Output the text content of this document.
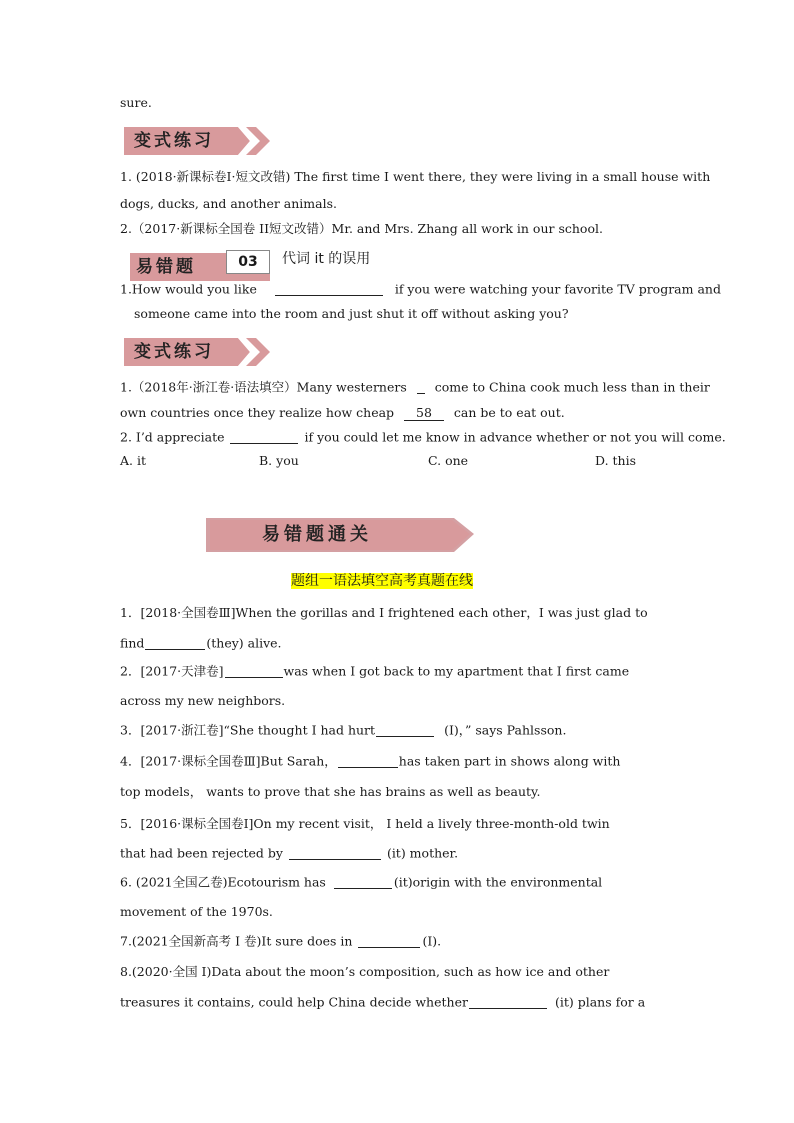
sure.
变式练习
1. (2018·新课标卷I·短文改错) The first time I went there, they were living in a small house with
dogs, ducks, and another animals.
2.（2017·新课标全国卷 II短文改错）Mr. and Mrs. Zhang all work in our school.
易错题	03	代词 it 的误用
1.How would you like	if you were watching your favorite TV program and
someone came into the room and just shut it off without asking you?
变式练习
1.（2018年·浙江卷·语法填空）Many westerners come to China cook much less than in their
own countries once they realize how cheap 58 can be to eat out.
2. I’d appreciate	if you could let me know in advance whether or not you will come.
A. it	B. you	C. one	D. this
易错题通关
题组一语法填空高考真题在线
1．[2018·全国卷Ⅲ]When the gorillas and I frightened each other，I was just glad to
find	(they) alive.
2．[2017·天津卷]	was when I got back to my apartment that I first came
across my new neighbors.
3．[2017·浙江卷]“She thought I had hurt	(I)，” says Pahlsson.
4．[2017·课标全国卷Ⅲ]But Sarah，	has taken part in shows along with
top models， wants to prove that she has brains as well as beauty.
5．[2016·课标全国卷Ⅰ]On my recent visit， I held a lively three-month-old twin
that had been rejected by	(it) mother.
6. (2021全国乙卷)Ecotourism has	(it)origin with the environmental
movement of the 1970s.
7.(2021全国新高考 I 卷)It sure does in	(I).
8.(2020·全国 I)Data about the moon’s composition, such as how ice and other
treasures it contains, could help China decide whether	(it) plans for a
